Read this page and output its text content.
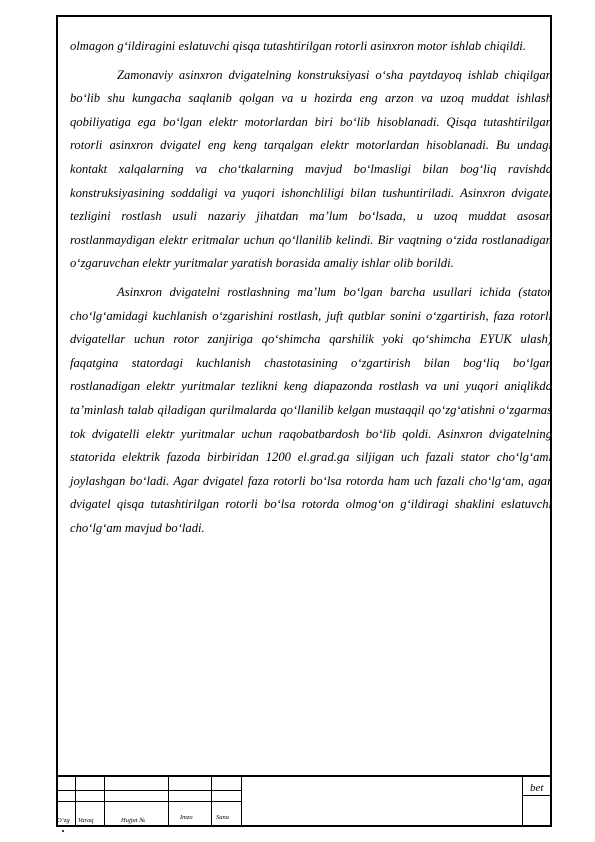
olmagon g‘ildiragini eslatuvchi qisqa tutashtirilgan rotorli asinxron motor ishlab chiqildi.

Zamonaviy asinxron dvigatelning konstruksiyasi o‘sha paytdayoq ishlab chiqilgan bo‘lib shu kungacha saqlanib qolgan va u hozirda eng arzon va uzoq muddat ishlash qobiliyatiga ega bo‘lgan elektr motorlardan biri bo‘lib hisoblanadi. Qisqa tutashtirilgan rotorli asinxron dvigatel eng keng tarqalgan elektr motorlardan hisoblanadi. Bu undagi kontakt xalqalarning va cho‘tkalarning mavjud bo‘lmasligi bilan bog‘liq ravishda konstruksiyasining soddaligi va yuqori ishonchliligi bilan tushuntiriladi. Asinxron dvigatel tezligini rostlash usuli nazariy jihatdan ma’lum bo‘lsada, u uzoq muddat asosan rostlanmaydigan elektr eritmalar uchun qo‘llanilib kelindi. Bir vaqtning o‘zida rostlanadigan o‘zgaruvchan elektr yuritmalar yaratish borasida amaliy ishlar olib borildi.

Asinxron dvigatelni rostlashning ma’lum bo‘lgan barcha usullari ichida (stator cho‘lg‘amidagi kuchlanish o‘zgarishini rostlash, juft qutblar sonini o‘zgartirish, faza rotorli dvigatellar uchun rotor zanjiriga qo‘shimcha qarshilik yoki qo‘shimcha EYUK ulash) faqatgina statordagi kuchlanish chastotasining o‘zgartirish bilan bog‘liq bo‘lgan rostlanadigan elektr yuritmalar tezlikni keng diapazonda rostlash va uni yuqori aniqlikda ta’minlash talab qiladigan qurilmalarda qo‘llanilib kelgan mustaqqil qo‘zg‘atishni o‘zgarmas tok dvigatelli elektr yuritmalar uchun raqobatbardosh bo‘lib qoldi. Asinxron dvigatelning statorida elektrik fazoda birbiridan 1200 el.grad.ga siljigan uch fazali stator cho‘lg‘ami joylashgan bo‘ladi. Agar dvigatel faza rotorli bo‘lsa rotorda ham uch fazali cho‘lg‘am, agar dvigatel qisqa tutashtirilgan rotorli bo‘lsa rotorda olmog‘on g‘ildiragi shaklini eslatuvchi cho‘lg‘am mavjud bo‘ladi.

O‘zg Varaq	Hujjat №	Imzo	Sana
bet
